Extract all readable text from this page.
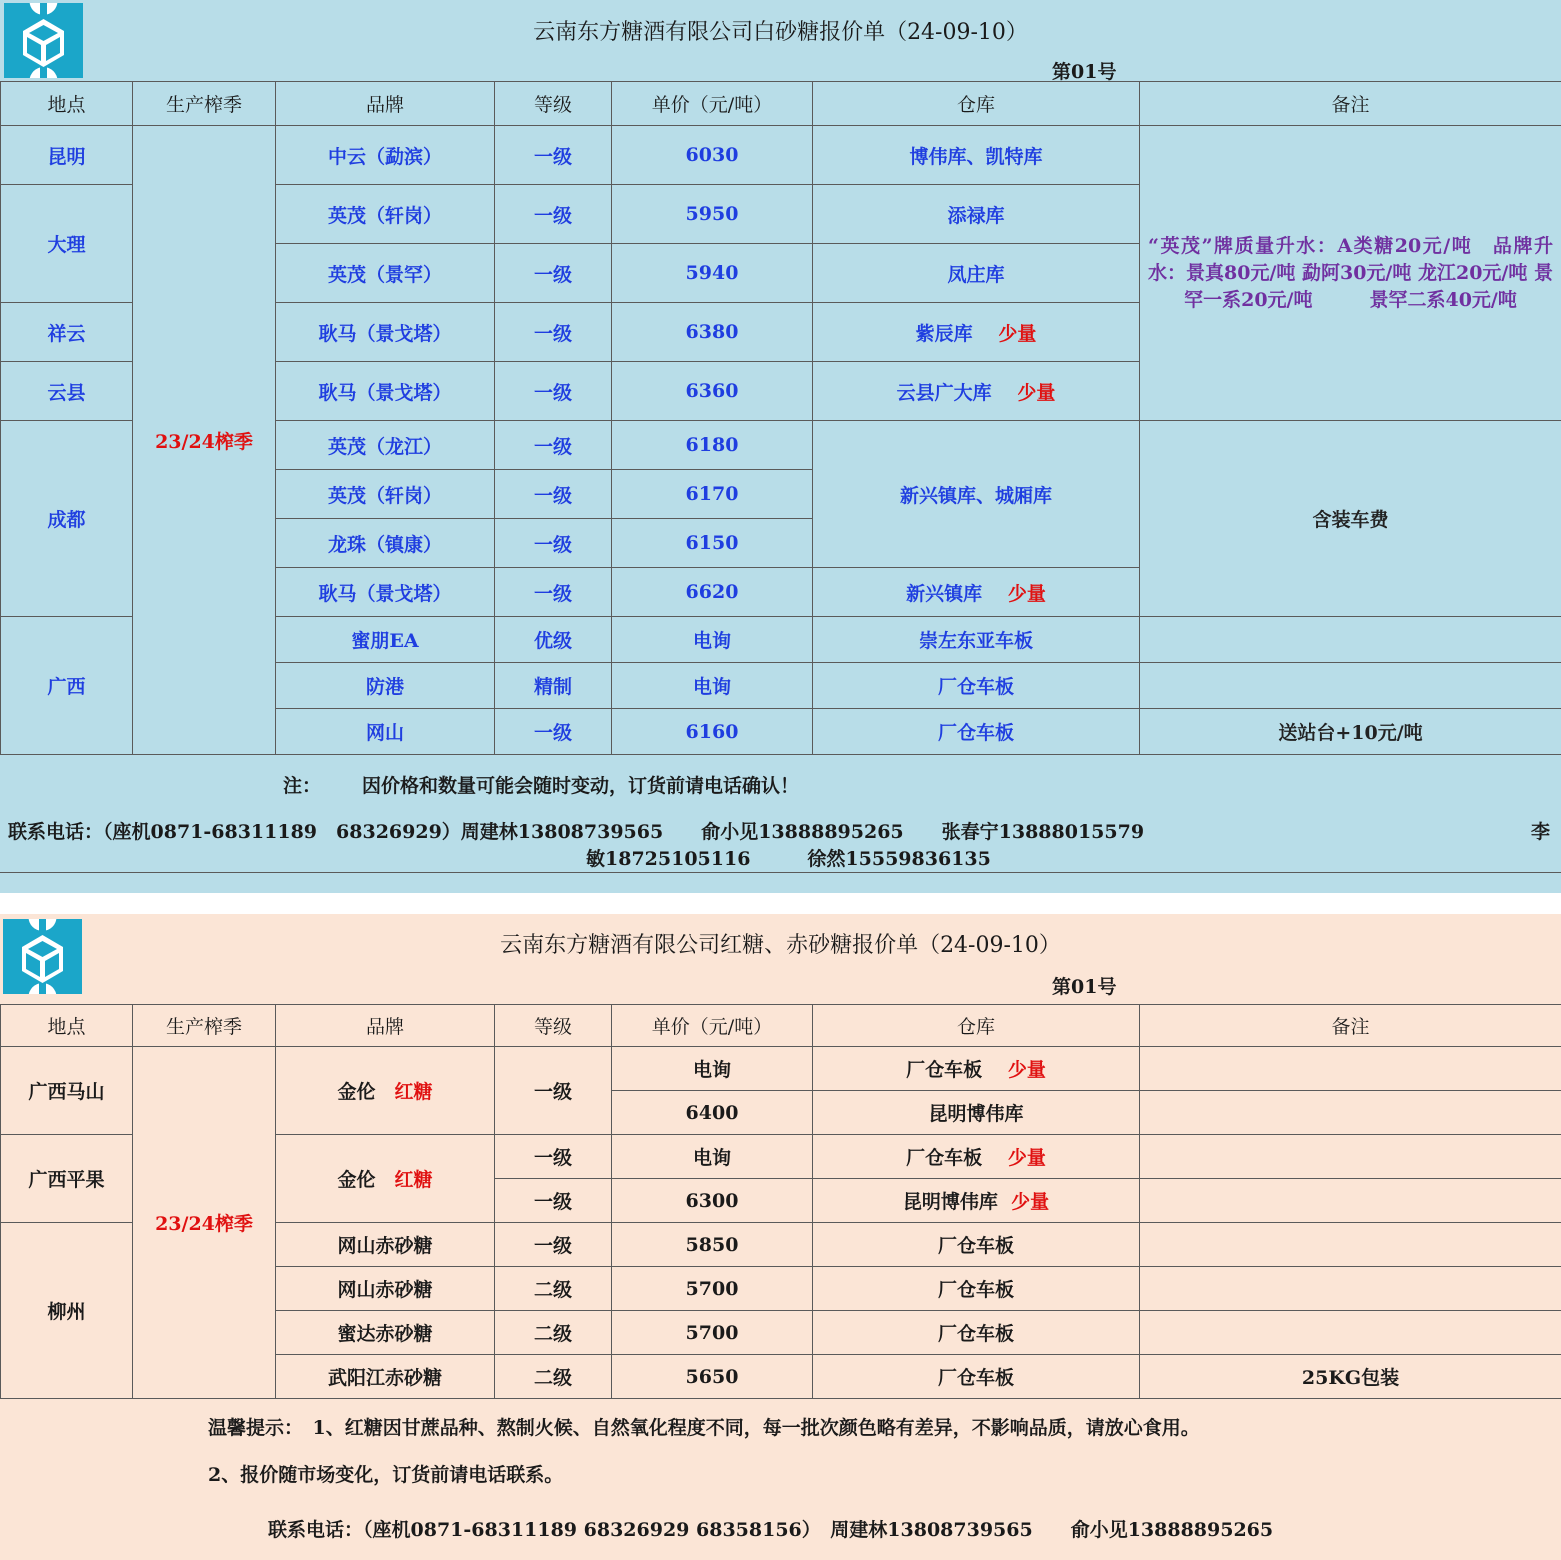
云南东方糖酒有限公司白砂糖报价单（24-09-10）
第01号
地点	生产榨季	品牌	等级	单价（元/吨）	仓库	备注
昆明	23/24榨季	中云（勐滨）	一级	6030	博伟库、凯特库	“英茂”牌质量升水：A类糖20元/吨　品牌升水：景真80元/吨 勐阿30元/吨 龙江20元/吨 景罕一系20元/吨　　　景罕二系40元/吨
大理		英茂（轩岗）	一级	5950	添禄库	
		英茂（景罕）	一级	5940	凤庄库	
祥云		耿马（景戈塔）	一级	6380	紫辰库　 少量	
云县		耿马（景戈塔）	一级	6360	云县广大库　 少量	
成都		英茂（龙江）	一级	6180	新兴镇库、城厢库	含装车费
		英茂（轩岗）	一级	6170		
		龙珠（镇康）	一级	6150		
		耿马（景戈塔）	一级	6620	新兴镇库　 少量	
广西		蜜朋EA	优级	电询	崇左东亚车板	
		防港	精制	电询	厂仓车板	
		网山	一级	6160	厂仓车板	送站台+10元/吨
注： 因价格和数量可能会随时变动，订货前请电话确认！
联系电话：（座机0871-68311189　68326929）周建林13808739565　　俞小见13888895265　　张春宁13888015579	李
敏18725105116　　　徐然15559836135
云南东方糖酒有限公司红糖、赤砂糖报价单（24-09-10）
第01号
地点	生产榨季	品牌	等级	单价（元/吨）	仓库	备注
广西马山	23/24榨季	金伦　 红糖	一级	电询	厂仓车板　 少量	
				6400	昆明博伟库	
广西平果		金伦　 红糖	一级	电询	厂仓车板　 少量	
			一级	6300	昆明博伟库 少量	
柳州		网山赤砂糖	一级	5850	厂仓车板	
		网山赤砂糖	二级	5700	厂仓车板	
		蜜达赤砂糖	二级	5700	厂仓车板	
		武阳江赤砂糖	二级	5650	厂仓车板	25KG包装
温馨提示：　1、红糖因甘蔗品种、熬制火候、自然氧化程度不同，每一批次颜色略有差异，不影响品质，请放心食用。
2、报价随市场变化，订货前请电话联系。
联系电话：（座机0871-68311189 68326929 68358156）　周建林13808739565　　俞小见13888895265
